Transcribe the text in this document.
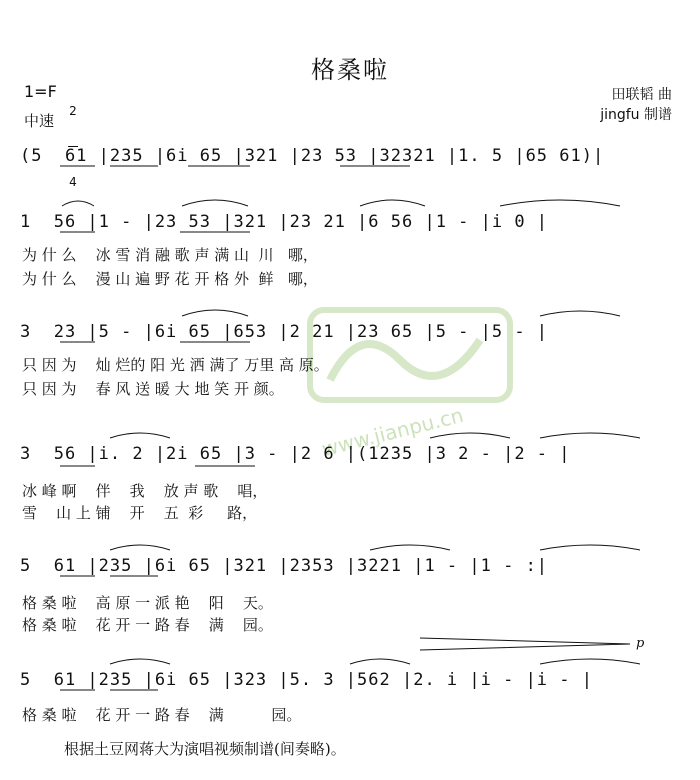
格桑啦
1=F

2

4

中速
田联韬 曲
jingfu 制谱
www.jianpu.cn
(5  61 |235 |6i 65 |321 |23 53 |32321 |1. 5 |65 61)|
1  56 |1 - |23 53 |321 |23 21 |6 56 |1 - |i 0 |
为 什 么    冰 雪 消 融 歌 声 满 山  川   哪，
为 什 么    漫 山 遍 野 花 开 格 外  鲜   哪，
3  23 |5 - |6i 65 |653 |2 21 |23 65 |5 - |5 - |
只 因 为    灿 烂的 阳 光 洒 满了 万里 高 原。
只 因 为    春 风 送 暖 大 地 笑 开 颜。
3  56 |i. 2 |2i 65 |3 - |2 6 |(1235 |3 2 - |2 - |
冰 峰 啊    伴    我    放 声 歌    唱，
雪    山 上 铺    开    五  彩     路，
5  61 |235 |6i 65 |321 |2353 |3221 |1 - |1 - :|
格 桑 啦    高 原 一 派 艳    阳    天。
格 桑 啦    花 开 一 路 春    满    园。
p
5  61 |235 |6i 65 |323 |5. 3 |562 |2. i |i - |i - |
格 桑 啦    花 开 一 路 春    满          园。
根据土豆网蒋大为演唱视频制谱(间奏略)。
